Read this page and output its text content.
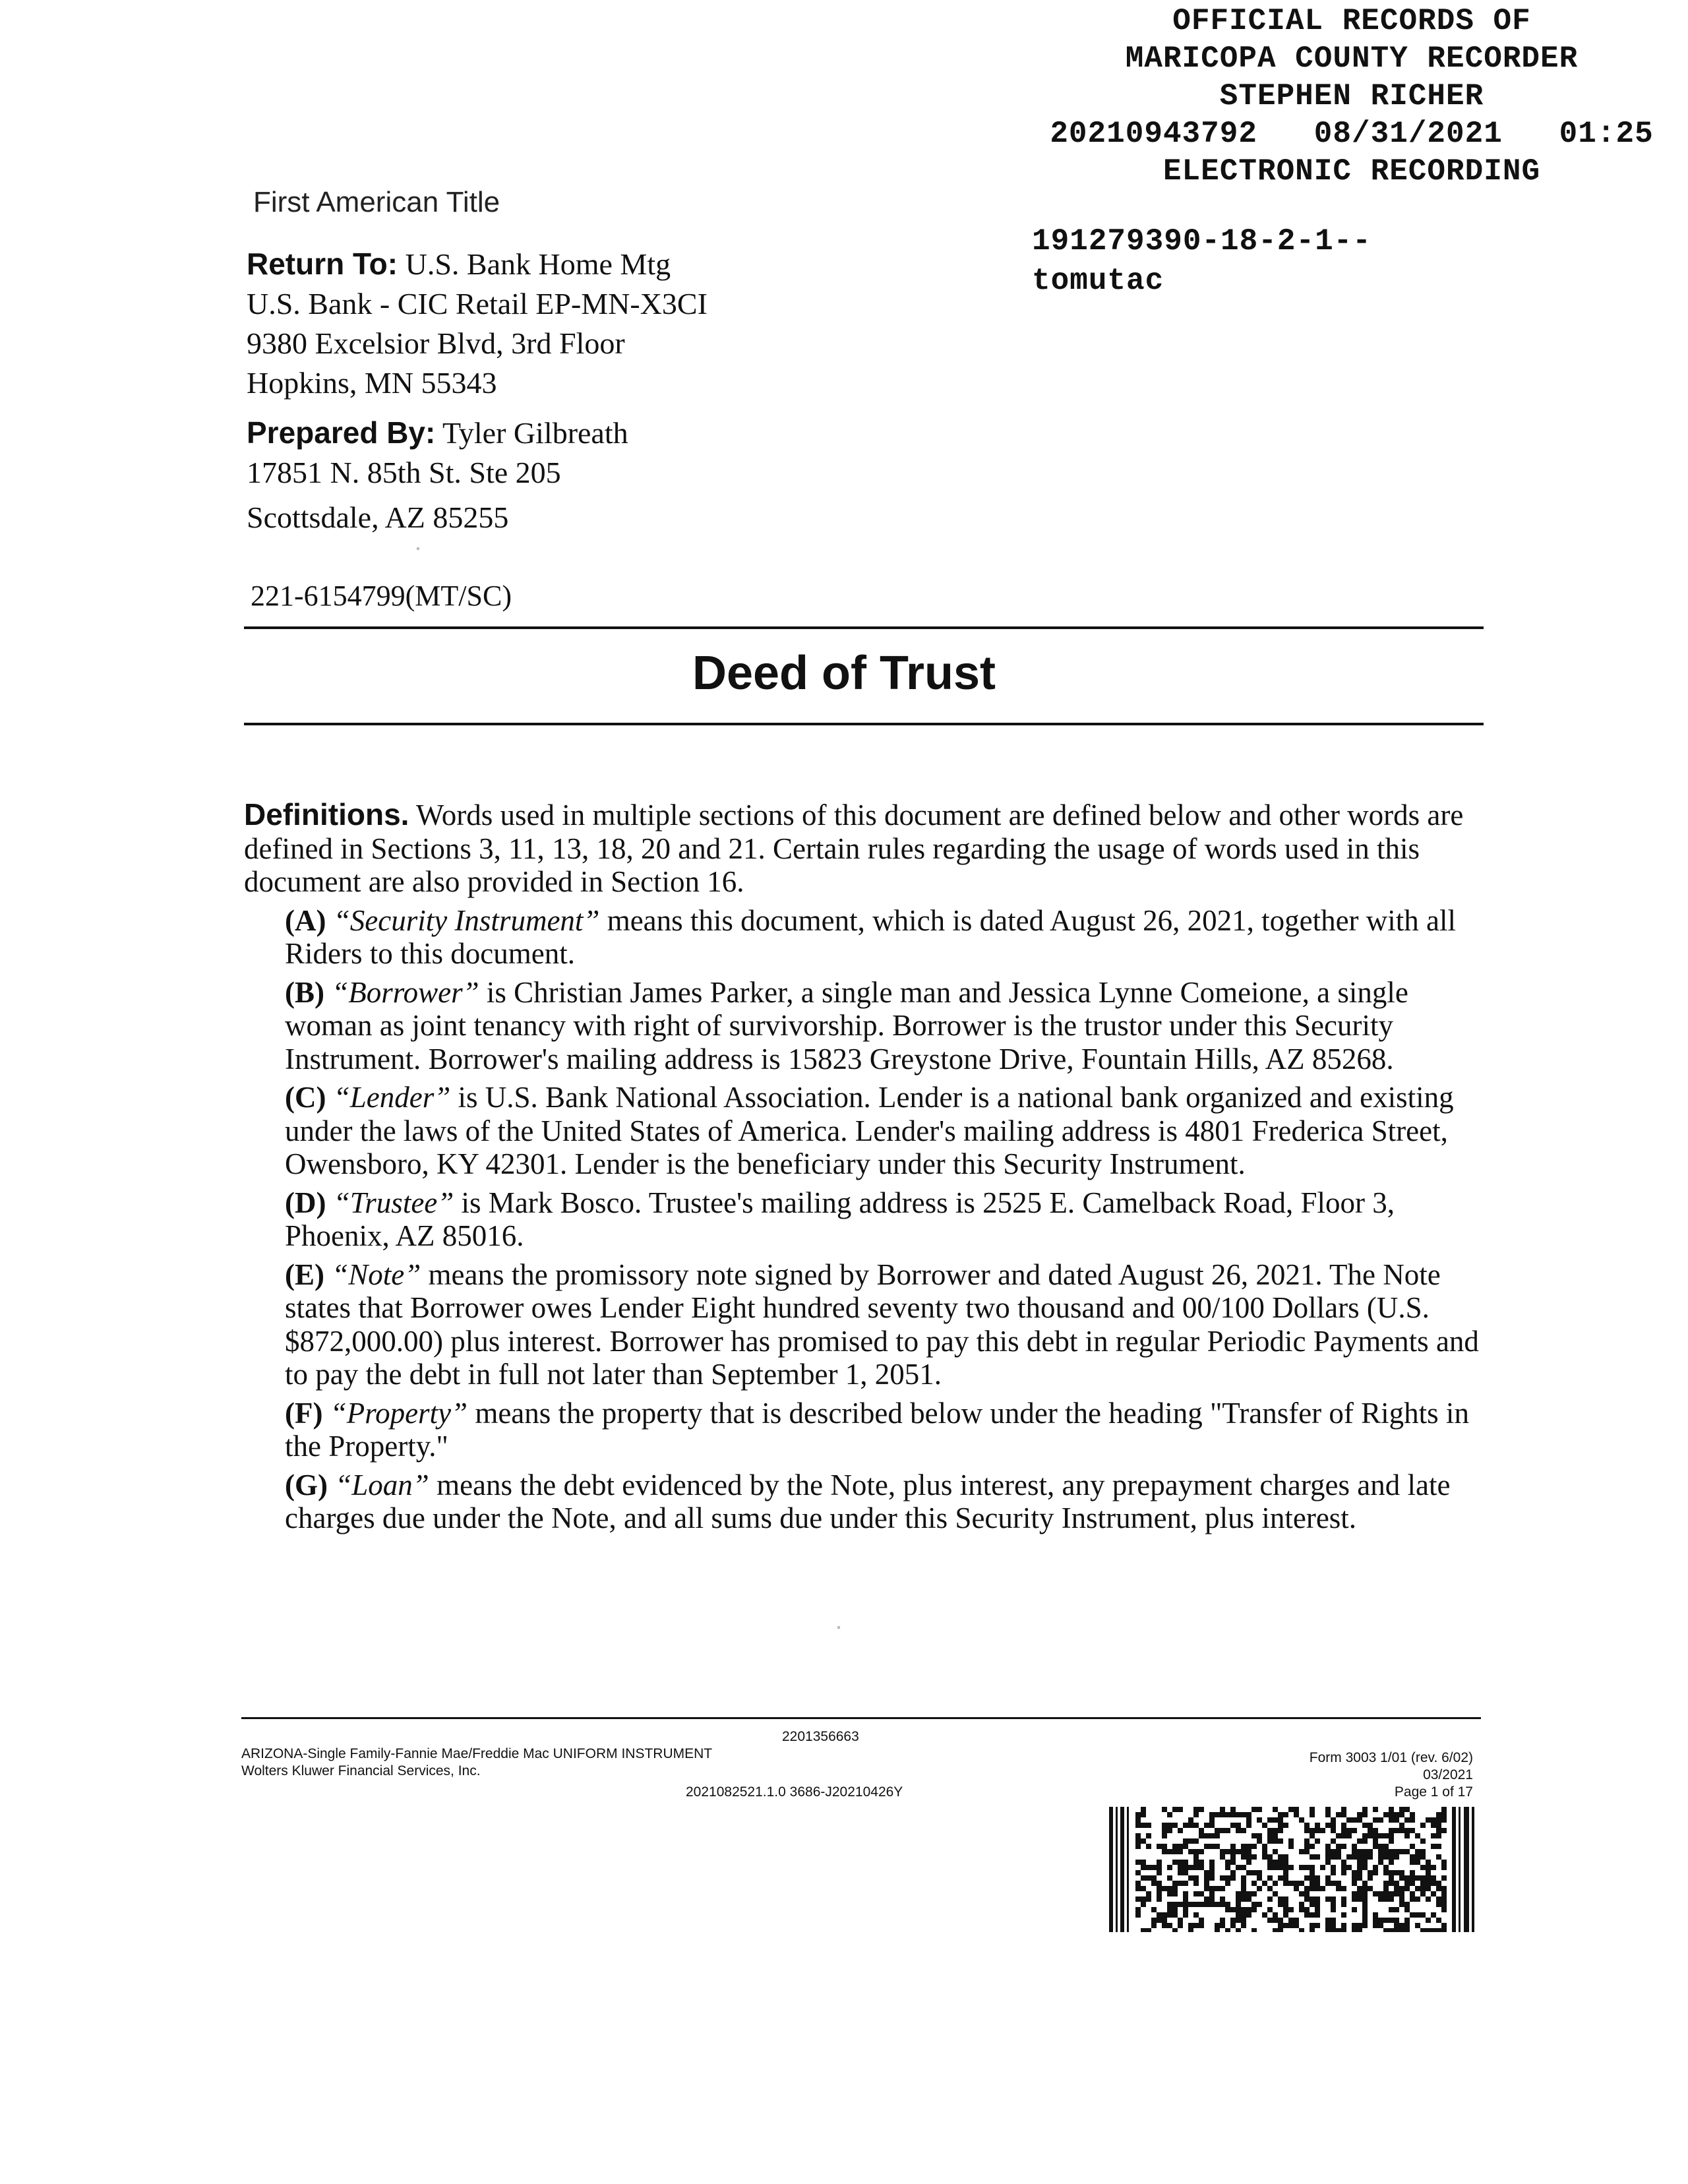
OFFICIAL RECORDS OF
MARICOPA COUNTY RECORDER
STEPHEN RICHER
20210943792   08/31/2021   01:25
ELECTRONIC RECORDING
191279390-18-2-1--
tomutac
First American Title
Return To: U.S. Bank Home Mtg
U.S. Bank - CIC Retail EP-MN-X3CI
9380 Excelsior Blvd, 3rd Floor
Hopkins, MN 55343
Prepared By: Tyler Gilbreath
17851 N. 85th St. Ste 205
Scottsdale, AZ 85255
221-6154799(MT/SC)
Deed of Trust
Definitions. Words used in multiple sections of this document are defined below and other words are defined in Sections 3, 11, 13, 18, 20 and 21. Certain rules regarding the usage of words used in this document are also provided in Section 16.
(A) “Security Instrument” means this document, which is dated August 26, 2021, together with all Riders to this document.
(B) “Borrower” is Christian James Parker, a single man and Jessica Lynne Comeione, a single woman as joint tenancy with right of survivorship. Borrower is the trustor under this Security Instrument. Borrower's mailing address is 15823 Greystone Drive, Fountain Hills, AZ 85268.
(C) “Lender” is U.S. Bank National Association. Lender is a national bank organized and existing under the laws of the United States of America. Lender's mailing address is 4801 Frederica Street, Owensboro, KY 42301. Lender is the beneficiary under this Security Instrument.
(D) “Trustee” is Mark Bosco. Trustee's mailing address is 2525 E. Camelback Road, Floor 3, Phoenix, AZ 85016.
(E) “Note” means the promissory note signed by Borrower and dated August 26, 2021. The Note states that Borrower owes Lender Eight hundred seventy two thousand and 00/100 Dollars (U.S. $872,000.00) plus interest. Borrower has promised to pay this debt in regular Periodic Payments and to pay the debt in full not later than September 1, 2051.
(F) “Property” means the property that is described below under the heading "Transfer of Rights in the Property."
(G) “Loan” means the debt evidenced by the Note, plus interest, any prepayment charges and late charges due under the Note, and all sums due under this Security Instrument, plus interest.
2201356663
ARIZONA-Single Family-Fannie Mae/Freddie Mac UNIFORM INSTRUMENT
Wolters Kluwer Financial Services, Inc.
2021082521.1.0 3686-J20210426Y
Form 3003 1/01 (rev. 6/02)
03/2021
Page 1 of 17
